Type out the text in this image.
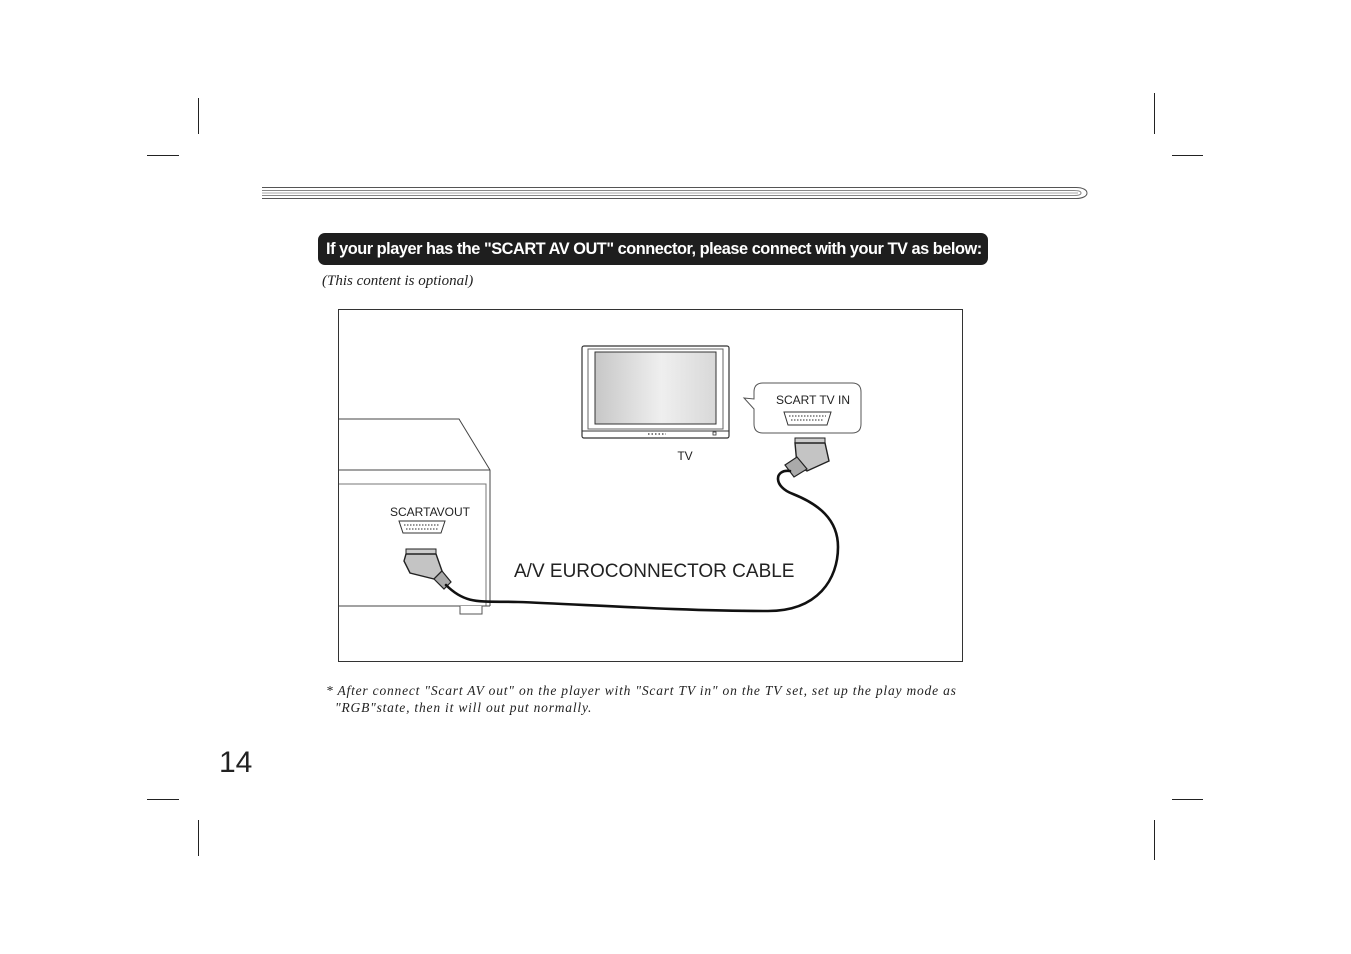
If your player has the "SCART AV OUT" connector, please connect with your TV as below:
(This content is optional)
SCARTAVOUT
TV
SCART TV IN
A/V EUROCONNECTOR CABLE
* After connect "Scart AV out" on the player with "Scart TV in" on the TV set, set up the play mode as
"RGB"state, then it will out put normally.
14
